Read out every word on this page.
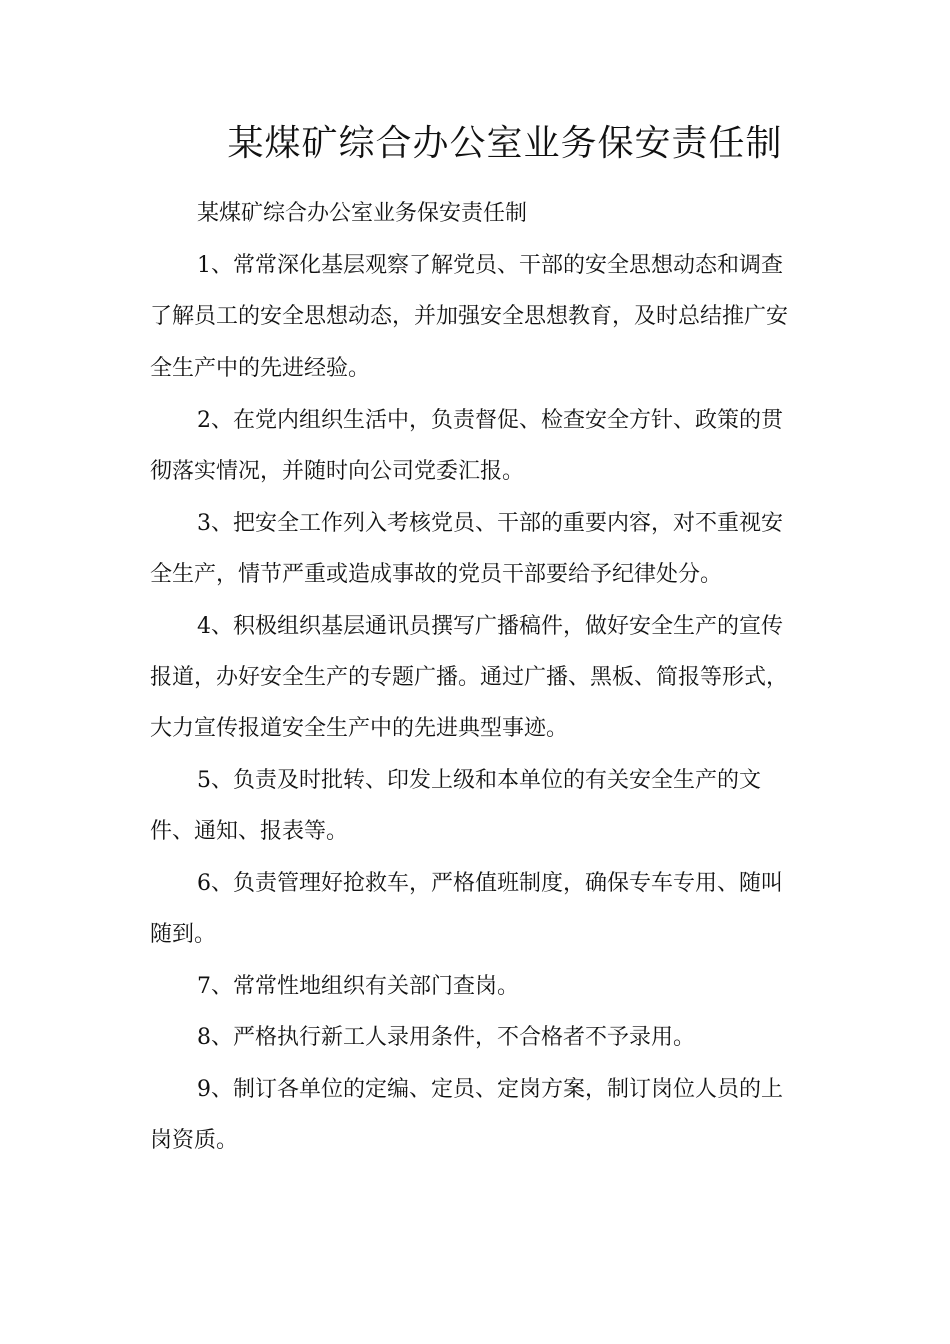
某煤矿综合办公室业务保安责任制
某煤矿综合办公室业务保安责任制
1、常常深化基层观察了解党员、干部的安全思想动态和调查
了解员工的安全思想动态，并加强安全思想教育，及时总结推广安
全生产中的先进经验。
2、在党内组织生活中，负责督促、检查安全方针、政策的贯
彻落实情况，并随时向公司党委汇报。
3、把安全工作列入考核党员、干部的重要内容，对不重视安
全生产，情节严重或造成事故的党员干部要给予纪律处分。
4、积极组织基层通讯员撰写广播稿件，做好安全生产的宣传
报道，办好安全生产的专题广播。通过广播、黑板、简报等形式，
大力宣传报道安全生产中的先进典型事迹。
5、负责及时批转、印发上级和本单位的有关安全生产的文
件、通知、报表等。
6、负责管理好抢救车，严格值班制度，确保专车专用、随叫
随到。
7、常常性地组织有关部门查岗。
8、严格执行新工人录用条件，不合格者不予录用。
9、制订各单位的定编、定员、定岗方案，制订岗位人员的上
岗资质。
